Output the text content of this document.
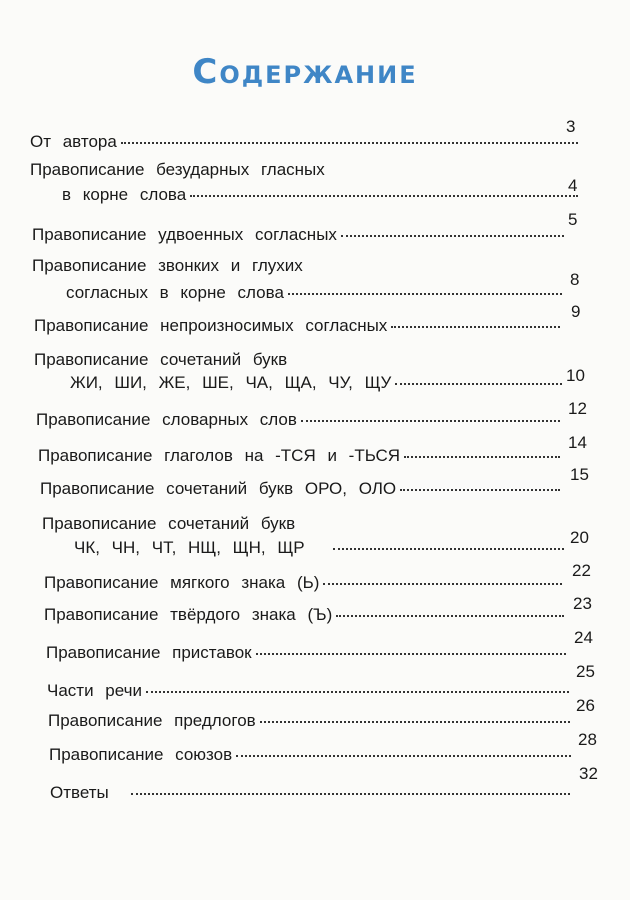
Содержание
От автора
3
Правописание безударных гласных
в корне слова	4
Правописание удвоенных согласных
5
Правописание звонких и глухих
согласных в корне слова
8
Правописание непроизносимых согласных
9
Правописание сочетаний букв
ЖИ, ШИ, ЖЕ, ШЕ, ЧА, ЩА, ЧУ, ЩУ	10
Правописание словарных слов
12
Правописание глаголов на -ТСЯ и -ТЬСЯ
14
Правописание сочетаний букв ОРО, ОЛО
15
Правописание сочетаний букв
ЧК, ЧН, ЧТ, НЩ, ЩН, ЩР
20
Правописание мягкого знака (Ь)
22
Правописание твёрдого знака (Ъ)
23
Правописание приставок
24
Части речи
25
Правописание предлогов
26
Правописание союзов
28
Ответы
32
